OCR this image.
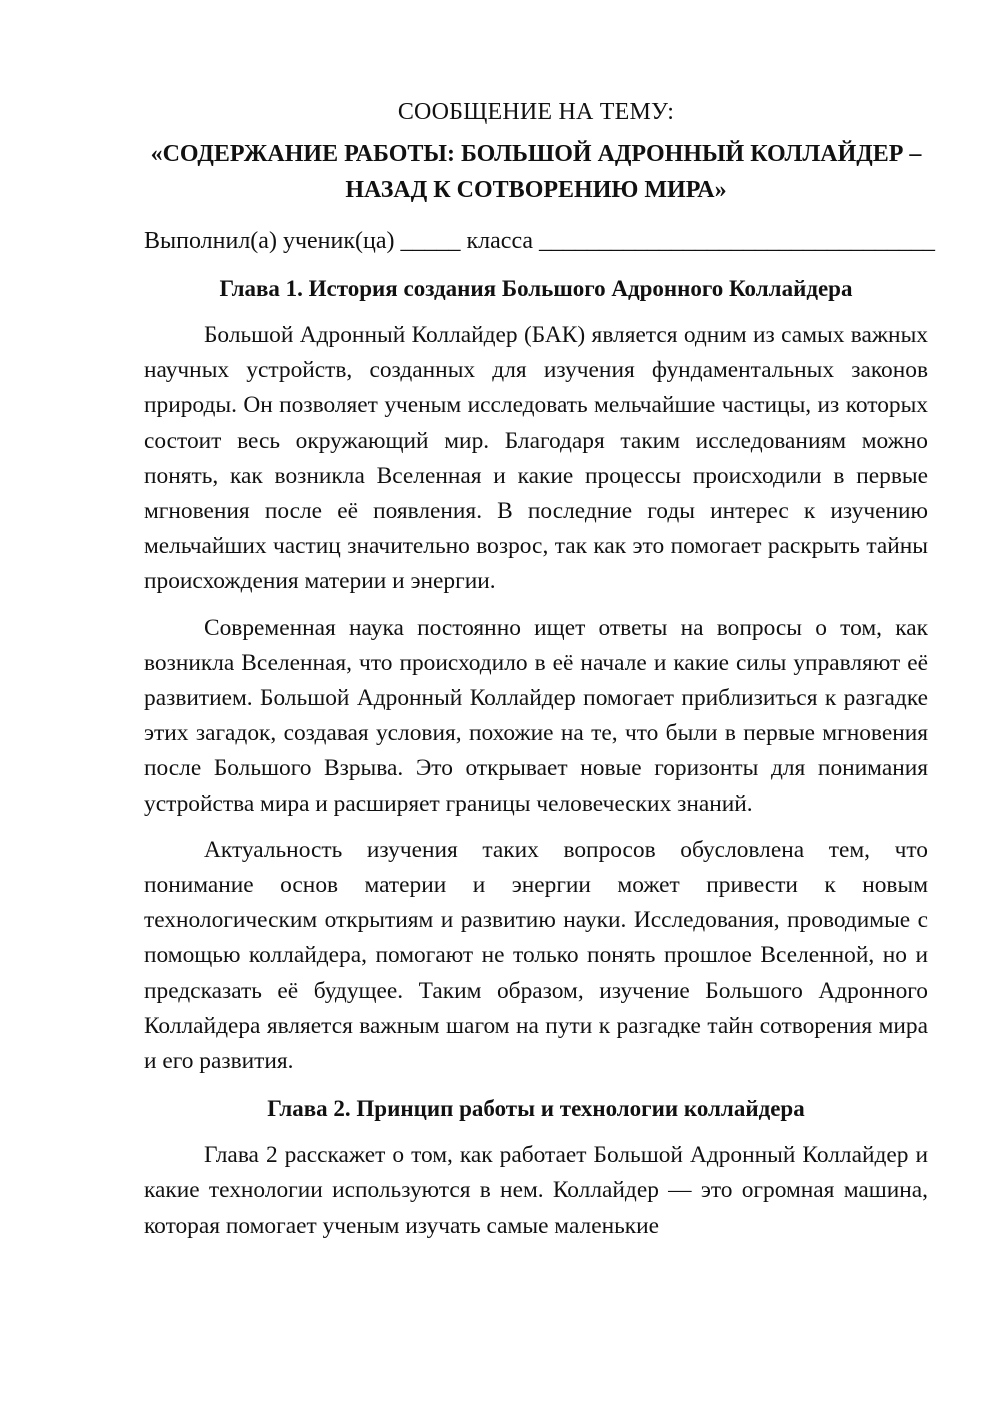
СООБЩЕНИЕ НА ТЕМУ:
«СОДЕРЖАНИЕ РАБОТЫ: БОЛЬШОЙ АДРОННЫЙ КОЛЛАЙДЕР –
НАЗАД К СОТВОРЕНИЮ МИРА»
Выполнил(а) ученик(ца) _____ класса _________________________________
Глава 1. История создания Большого Адронного Коллайдера

Большой Адронный Коллайдер (БАК) является одним из самых важных научных устройств, созданных для изучения фундаментальных законов природы. Он позволяет ученым исследовать мельчайшие частицы, из которых состоит весь окружающий мир. Благодаря таким исследованиям можно понять, как возникла Вселенная и какие процессы происходили в первые мгновения после её появления. В последние годы интерес к изучению мельчайших частиц значительно возрос, так как это помогает раскрыть тайны происхождения материи и энергии.

Современная наука постоянно ищет ответы на вопросы о том, как возникла Вселенная, что происходило в её начале и какие силы управляют её развитием. Большой Адронный Коллайдер помогает приблизиться к разгадке этих загадок, создавая условия, похожие на те, что были в первые мгновения после Большого Взрыва. Это открывает новые горизонты для понимания устройства мира и расширяет границы человеческих знаний.

Актуальность изучения таких вопросов обусловлена тем, что понимание основ материи и энергии может привести к новым технологическим открытиям и развитию науки. Исследования, проводимые с помощью коллайдера, помогают не только понять прошлое Вселенной, но и предсказать её будущее. Таким образом, изучение Большого Адронного Коллайдера является важным шагом на пути к разгадке тайн сотворения мира и его развития.

Глава 2. Принцип работы и технологии коллайдера

Глава 2 расскажет о том, как работает Большой Адронный Коллайдер и какие технологии используются в нем. Коллайдер — это огромная машина, которая помогает ученым изучать самые маленькие
